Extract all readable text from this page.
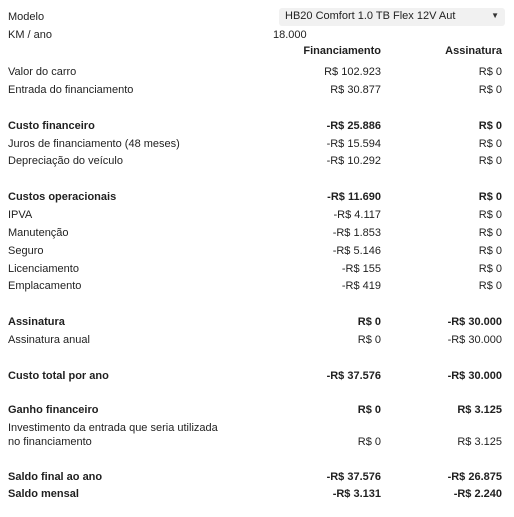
Modelo	HB20 Comfort 1.0 TB Flex 12V Aut	▼
KM / ano	18.000
Financiamento	Assinatura
Valor do carro	R$ 102.923	R$ 0
Entrada do financiamento	R$ 30.877	R$ 0
Custo financeiro	-R$ 25.886	R$ 0
Juros de financiamento (48 meses)	-R$ 15.594	R$ 0
Depreciação do veículo	-R$ 10.292	R$ 0
Custos operacionais	-R$ 11.690	R$ 0
IPVA	-R$ 4.117	R$ 0
Manutenção	-R$ 1.853	R$ 0
Seguro	-R$ 5.146	R$ 0
Licenciamento	-R$ 155	R$ 0
Emplacamento	-R$ 419	R$ 0
Assinatura	R$ 0	-R$ 30.000
Assinatura anual	R$ 0	-R$ 30.000
Custo total por ano	-R$ 37.576	-R$ 30.000
Ganho financeiro	R$ 0	R$ 3.125
Investimento da entrada que seria utilizada
no financiamento	R$ 0	R$ 3.125
Saldo final ao ano	-R$ 37.576	-R$ 26.875
Saldo mensal	-R$ 3.131	-R$ 2.240
